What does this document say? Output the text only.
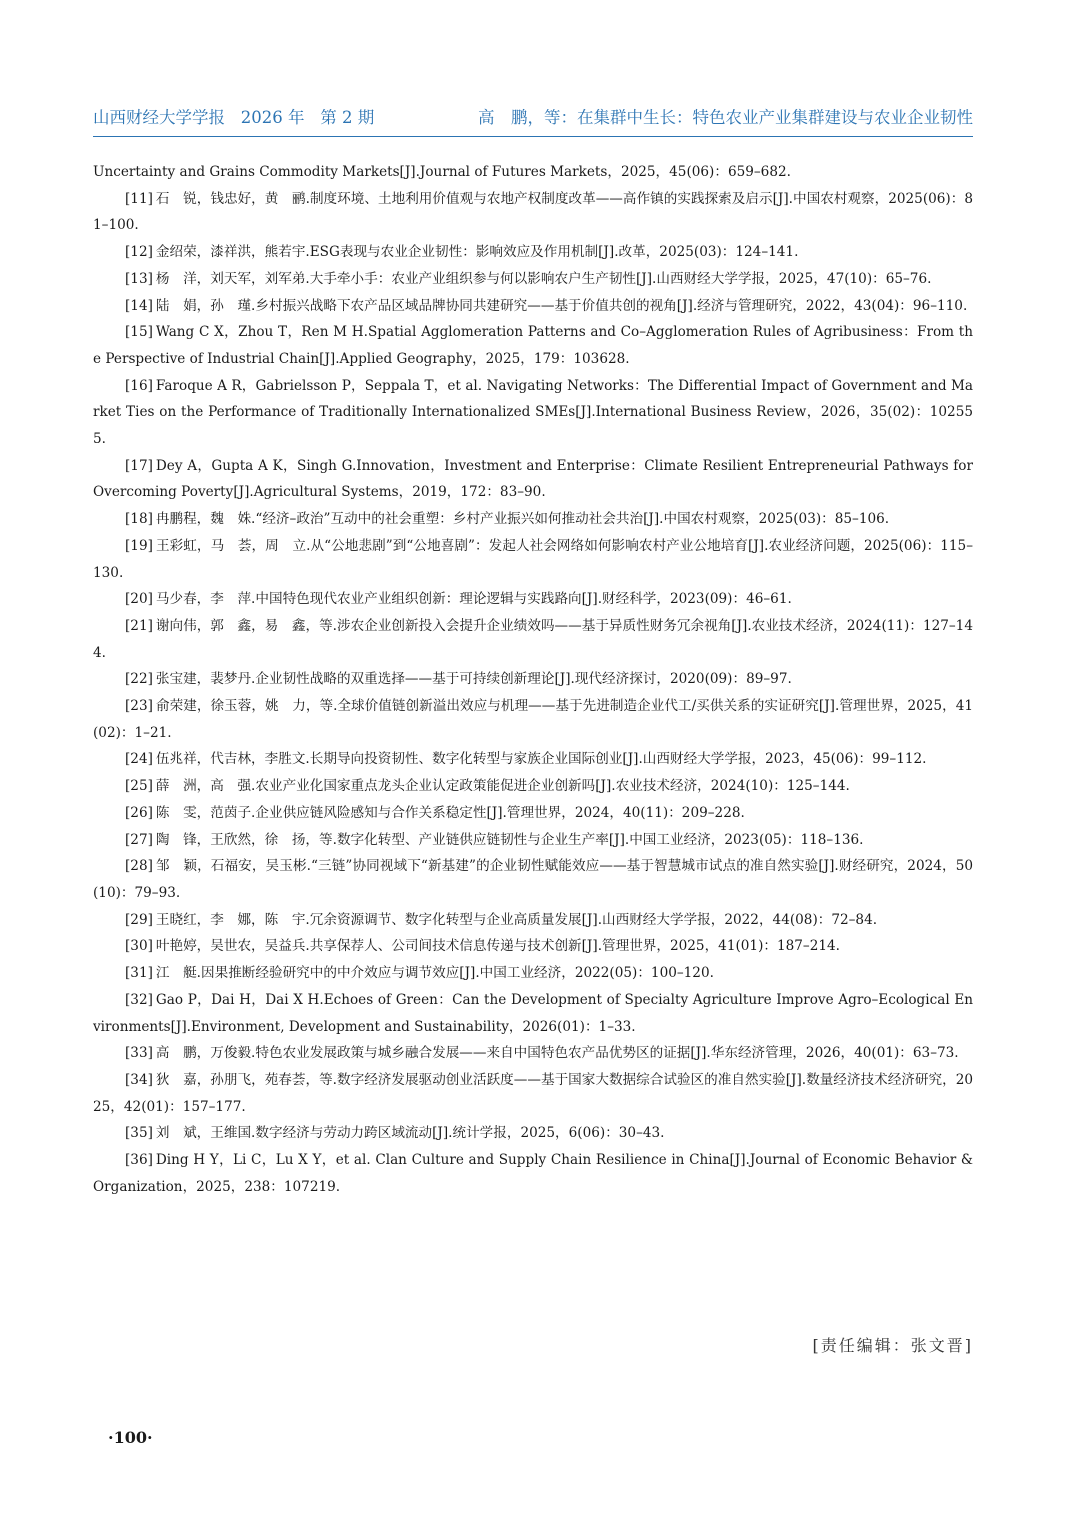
山西财经大学学报 2026 年 第 2 期	高　鹏，等：在集群中生长：特色农业产业集群建设与农业企业韧性
Uncertainty and Grains Commodity Markets[J].Journal of Futures Markets，2025，45(06)：659–682.
[11] 石　锐，钱忠好，黄　鹂.制度环境、土地利用价值观与农地产权制度改革——高作镇的实践探索及启示[J].中国农村观察，2025(06)：81–100.
[12] 金绍荣，漆祥洪，熊若宇.ESG表现与农业企业韧性：影响效应及作用机制[J].改革，2025(03)：124–141.
[13] 杨　洋，刘天军，刘军弟.大手牵小手：农业产业组织参与何以影响农户生产韧性[J].山西财经大学学报，2025，47(10)：65–76.
[14] 陆　娟，孙　瑾.乡村振兴战略下农产品区域品牌协同共建研究——基于价值共创的视角[J].经济与管理研究，2022，43(04)：96–110.
[15] Wang C X，Zhou T，Ren M H.Spatial Agglomeration Patterns and Co–Agglomeration Rules of Agribusiness：From the Perspective of Industrial Chain[J].Applied Geography，2025，179：103628.
[16] Faroque A R，Gabrielsson P，Seppala T，et al. Navigating Networks：The Differential Impact of Government and Market Ties on the Performance of Traditionally Internationalized SMEs[J].International Business Review，2026，35(02)：102555.
[17] Dey A，Gupta A K，Singh G.Innovation，Investment and Enterprise：Climate Resilient Entrepreneurial Pathways for Overcoming Poverty[J].Agricultural Systems，2019，172：83–90.
[18] 冉鹏程，魏　姝.“经济–政治”互动中的社会重塑：乡村产业振兴如何推动社会共治[J].中国农村观察，2025(03)：85–106.
[19] 王彩虹，马　荟，周　立.从“公地悲剧”到“公地喜剧”：发起人社会网络如何影响农村产业公地培育[J].农业经济问题，2025(06)：115–130.
[20] 马少春，李　萍.中国特色现代农业产业组织创新：理论逻辑与实践路向[J].财经科学，2023(09)：46–61.
[21] 谢向伟，郭　鑫，易　鑫，等.涉农企业创新投入会提升企业绩效吗——基于异质性财务冗余视角[J].农业技术经济，2024(11)：127–144.
[22] 张宝建，裴梦丹.企业韧性战略的双重选择——基于可持续创新理论[J].现代经济探讨，2020(09)：89–97.
[23] 俞荣建，徐玉蓉，姚　力，等.全球价值链创新溢出效应与机理——基于先进制造企业代工/买供关系的实证研究[J].管理世界，2025，41(02)：1–21.
[24] 伍兆祥，代吉林，李胜文.长期导向投资韧性、数字化转型与家族企业国际创业[J].山西财经大学学报，2023，45(06)：99–112.
[25] 薛　洲，高　强.农业产业化国家重点龙头企业认定政策能促进企业创新吗[J].农业技术经济，2024(10)：125–144.
[26] 陈　雯，范茵子.企业供应链风险感知与合作关系稳定性[J].管理世界，2024，40(11)：209–228.
[27] 陶　锋，王欣然，徐　扬，等.数字化转型、产业链供应链韧性与企业生产率[J].中国工业经济，2023(05)：118–136.
[28] 邹　颖，石福安，吴玉彬.“三链”协同视域下“新基建”的企业韧性赋能效应——基于智慧城市试点的准自然实验[J].财经研究，2024，50(10)：79–93.
[29] 王晓红，李　娜，陈　宇.冗余资源调节、数字化转型与企业高质量发展[J].山西财经大学学报，2022，44(08)：72–84.
[30] 叶艳婷，吴世农，吴益兵.共享保荐人、公司间技术信息传递与技术创新[J].管理世界，2025，41(01)：187–214.
[31] 江　艇.因果推断经验研究中的中介效应与调节效应[J].中国工业经济，2022(05)：100–120.
[32] Gao P，Dai H，Dai X H.Echoes of Green：Can the Development of Specialty Agriculture Improve Agro–Ecological Environments[J].Environment, Development and Sustainability，2026(01)：1–33.
[33] 高　鹏，万俊毅.特色农业发展政策与城乡融合发展——来自中国特色农产品优势区的证据[J].华东经济管理，2026，40(01)：63–73.
[34] 狄　嘉，孙朋飞，苑春荟，等.数字经济发展驱动创业活跃度——基于国家大数据综合试验区的准自然实验[J].数量经济技术经济研究，2025，42(01)：157–177.
[35] 刘　斌，王维国.数字经济与劳动力跨区域流动[J].统计学报，2025，6(06)：30–43.
[36] Ding H Y，Li C，Lu X Y，et al. Clan Culture and Supply Chain Resilience in China[J].Journal of Economic Behavior & Organization，2025，238：107219.
[责任编辑：张文晋]
·100·
